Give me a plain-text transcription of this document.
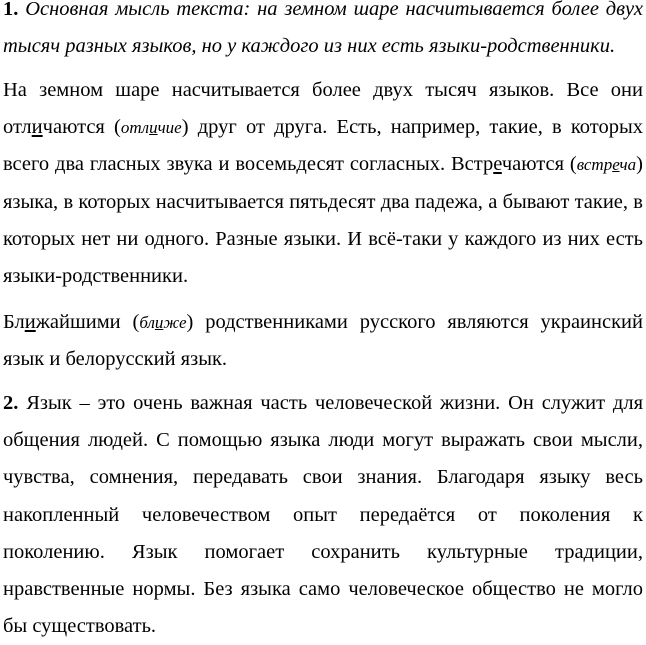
1. Основная мысль текста: на земном шаре насчитывается более двух тысяч разных языков, но у каждого из них есть языки-родственники.

На земном шаре насчитывается более двух тысяч языков. Все они отличаются (отличие) друг от друга. Есть, например, такие, в которых всего два гласных звука и восемьдесят согласных. Встречаются (встреча) языка, в которых насчитывается пятьдесят два падежа, а бывают такие, в которых нет ни одного. Разные языки. И всё-таки у каждого из них есть языки-родственники.

Ближайшими (ближе) родственниками русского являются украинский язык и белорусский язык.

2. Язык – это очень важная часть человеческой жизни. Он служит для общения людей. С помощью языка люди могут выражать свои мысли, чувства, сомнения, передавать свои знания. Благодаря языку весь накопленный человечеством опыт передаётся от поколения к поколению. Язык помогает сохранить культурные традиции, нравственные нормы. Без языка само человеческое общество не могло бы существовать.
